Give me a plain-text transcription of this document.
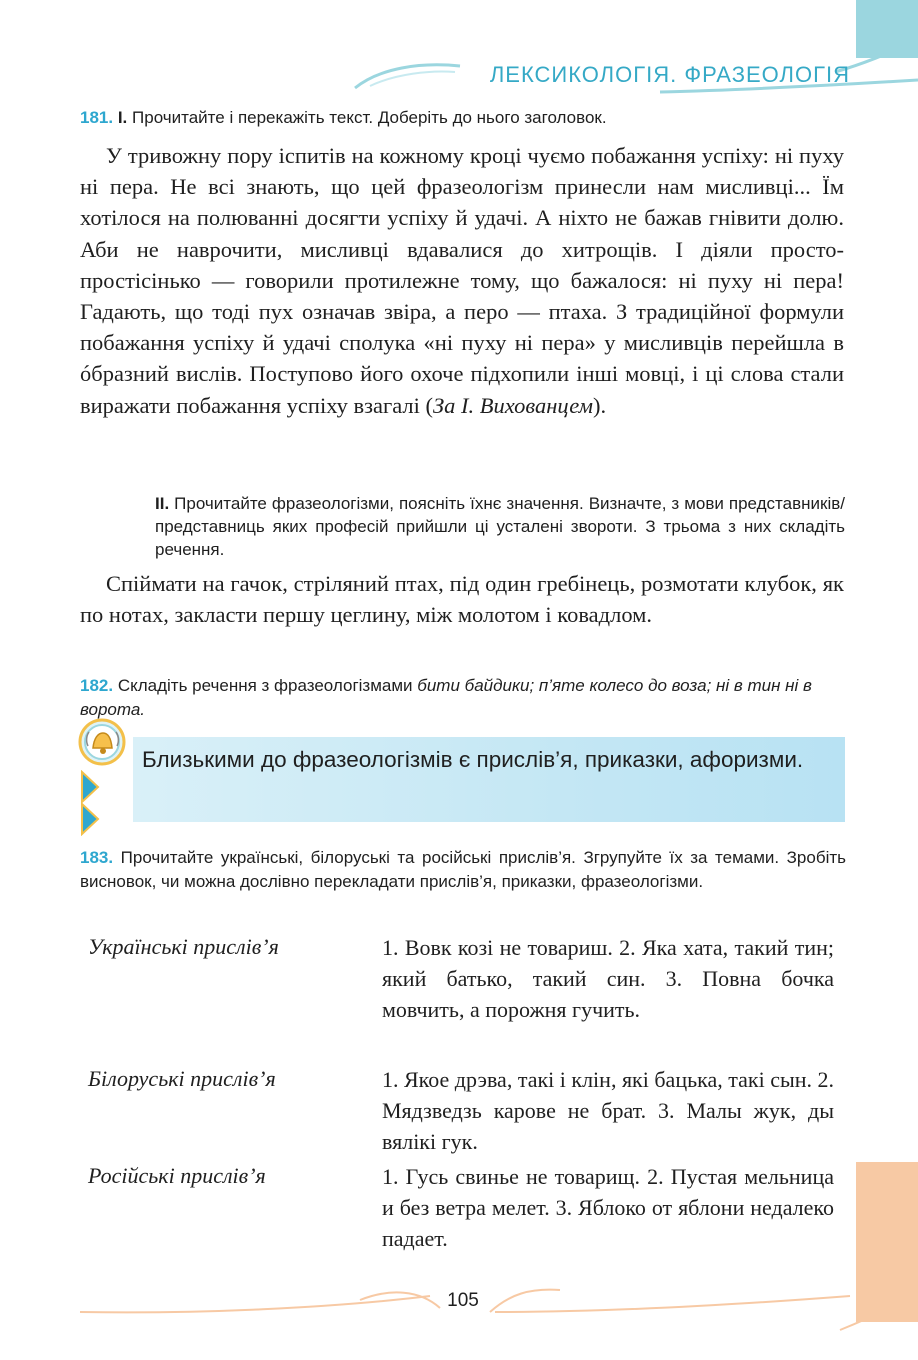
ЛЕКСИКОЛОГІЯ. ФРАЗЕОЛОГІЯ
181. I. Прочитайте і перекажіть текст. Доберіть до нього заголовок.
У тривожну пору іспитів на кожному кроці чуємо побажання успіху: ні пуху ні пера. Не всі знають, що цей фразеологізм принесли нам мисливці... Їм хотілося на полюванні досягти успіху й удачі. А ніхто не бажав гнівити долю. Аби не наврочити, мисливці вдавалися до хитрощів. І діяли просто-простісінько — говорили протилежне тому, що бажалося: ні пуху ні пера! Гадають, що тоді пух означав звіра, а перо — птаха. З традиційної формули побажання успіху й удачі сполука «ні пуху ні пера» у мисливців перейшла в óбразний вислів. Поступово його охоче підхопили інші мовці, і ці слова стали виражати побажання успіху взагалі (За І. Вихованцем).
II. Прочитайте фразеологізми, поясніть їхнє значення. Визначте, з мови представників/представниць яких професій прийшли ці усталені звороти. З трьома з них складіть речення.
Спіймати на гачок, стріляний птах, під один гребінець, розмотати клубок, як по нотах, закласти першу цеглину, між молотом і ковадлом.
182. Складіть речення з фразеологізмами бити байдики; п’яте колесо до воза; ні в тин ні в ворота.
Близькими до фразеологізмів є прислів’я, приказки, афоризми.
183. Прочитайте українські, білоруські та російські прислів’я. Згрупуйте їх за темами. Зробіть висновок, чи можна дослівно перекладати прислів’я, приказки, фразеологізми.
Українські прислів’я	1. Вовк козі не товариш. 2. Яка хата, такий тин; який батько, такий син. 3. Повна бочка мовчить, а порожня гучить.
Білоруські прислів’я	1. Якое дрэва, такі і клін, які бацька, такі сын. 2. Мядзведзь карове не брат. 3. Малы жук, ды вялікі гук.
Російські прислів’я	1. Гусь свинье не товарищ. 2. Пустая мельница и без ветра мелет. 3. Яблоко от яблони недалеко падает.
105
